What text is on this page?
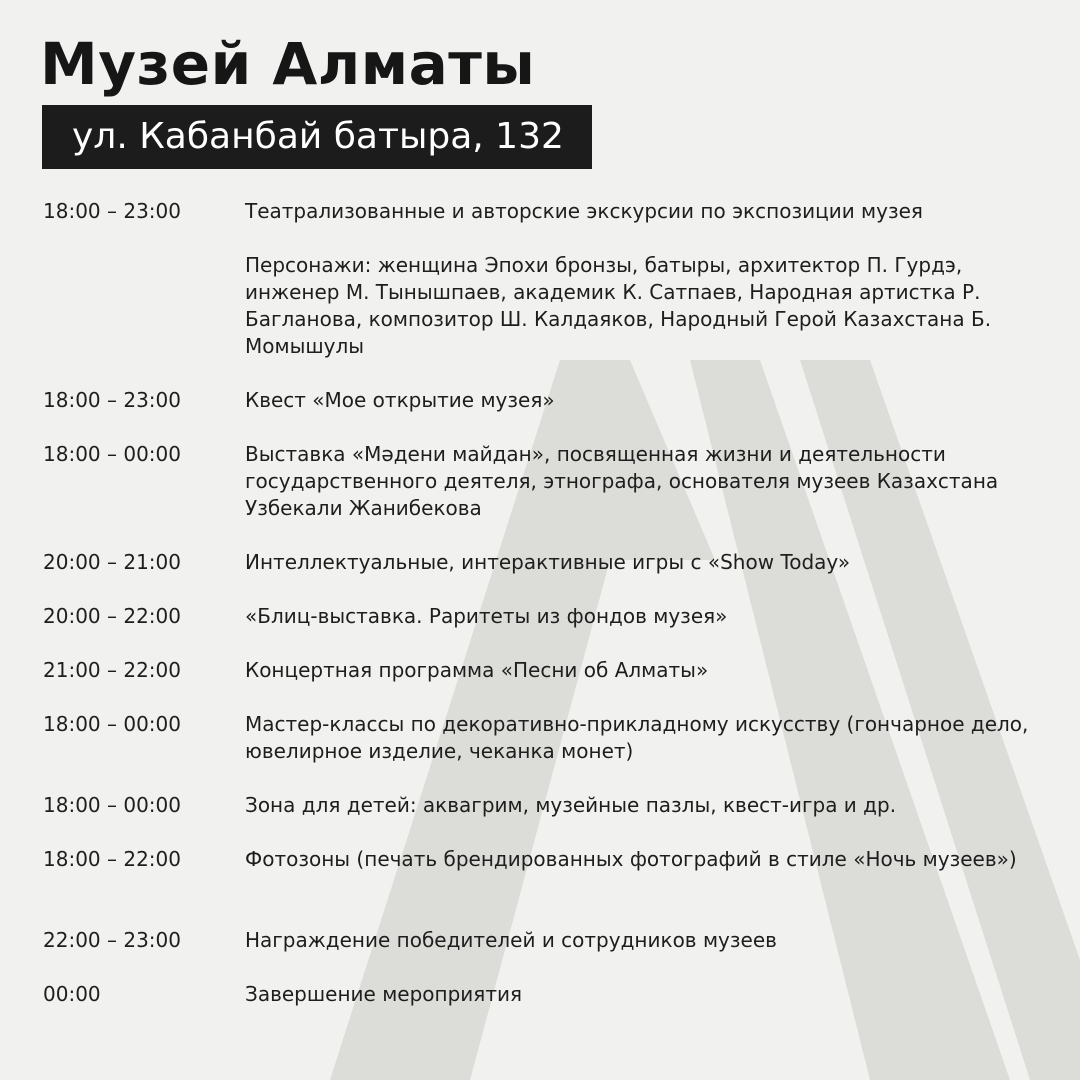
Музей Алматы
ул. Кабанбай батыра, 132
18:00 – 23:00	Театрализованные и авторские экскурсии по экспозиции музея
Персонажи: женщина Эпохи бронзы, батыры, архитектор П. Гурдэ, инженер М. Тынышпаев, академик К. Сатпаев, Народная артистка Р. Багланова, композитор Ш. Калдаяков, Народный Герой Казахстана Б. Момышулы
18:00 – 23:00	Квест «Мое открытие музея»
18:00 – 00:00	Выставка «Мәдени майдан», посвященная жизни и деятельности государственного деятеля, этнографа, основателя музеев Казахстана Узбекали Жанибекова
20:00 – 21:00	Интеллектуальные, интерактивные игры с «Show Today»
20:00 – 22:00	«Блиц-выставка. Раритеты из фондов музея»
21:00 – 22:00	Концертная программа «Песни об Алматы»
18:00 – 00:00	Мастер-классы по декоративно-прикладному искусству (гончарное дело, ювелирное изделие, чеканка монет)
18:00 – 00:00	Зона для детей: аквагрим, музейные пазлы, квест-игра и др.
18:00 – 22:00	Фотозоны (печать брендированных фотографий в стиле «Ночь музеев»)
22:00 – 23:00	Награждение победителей и сотрудников музеев
00:00	Завершение мероприятия
